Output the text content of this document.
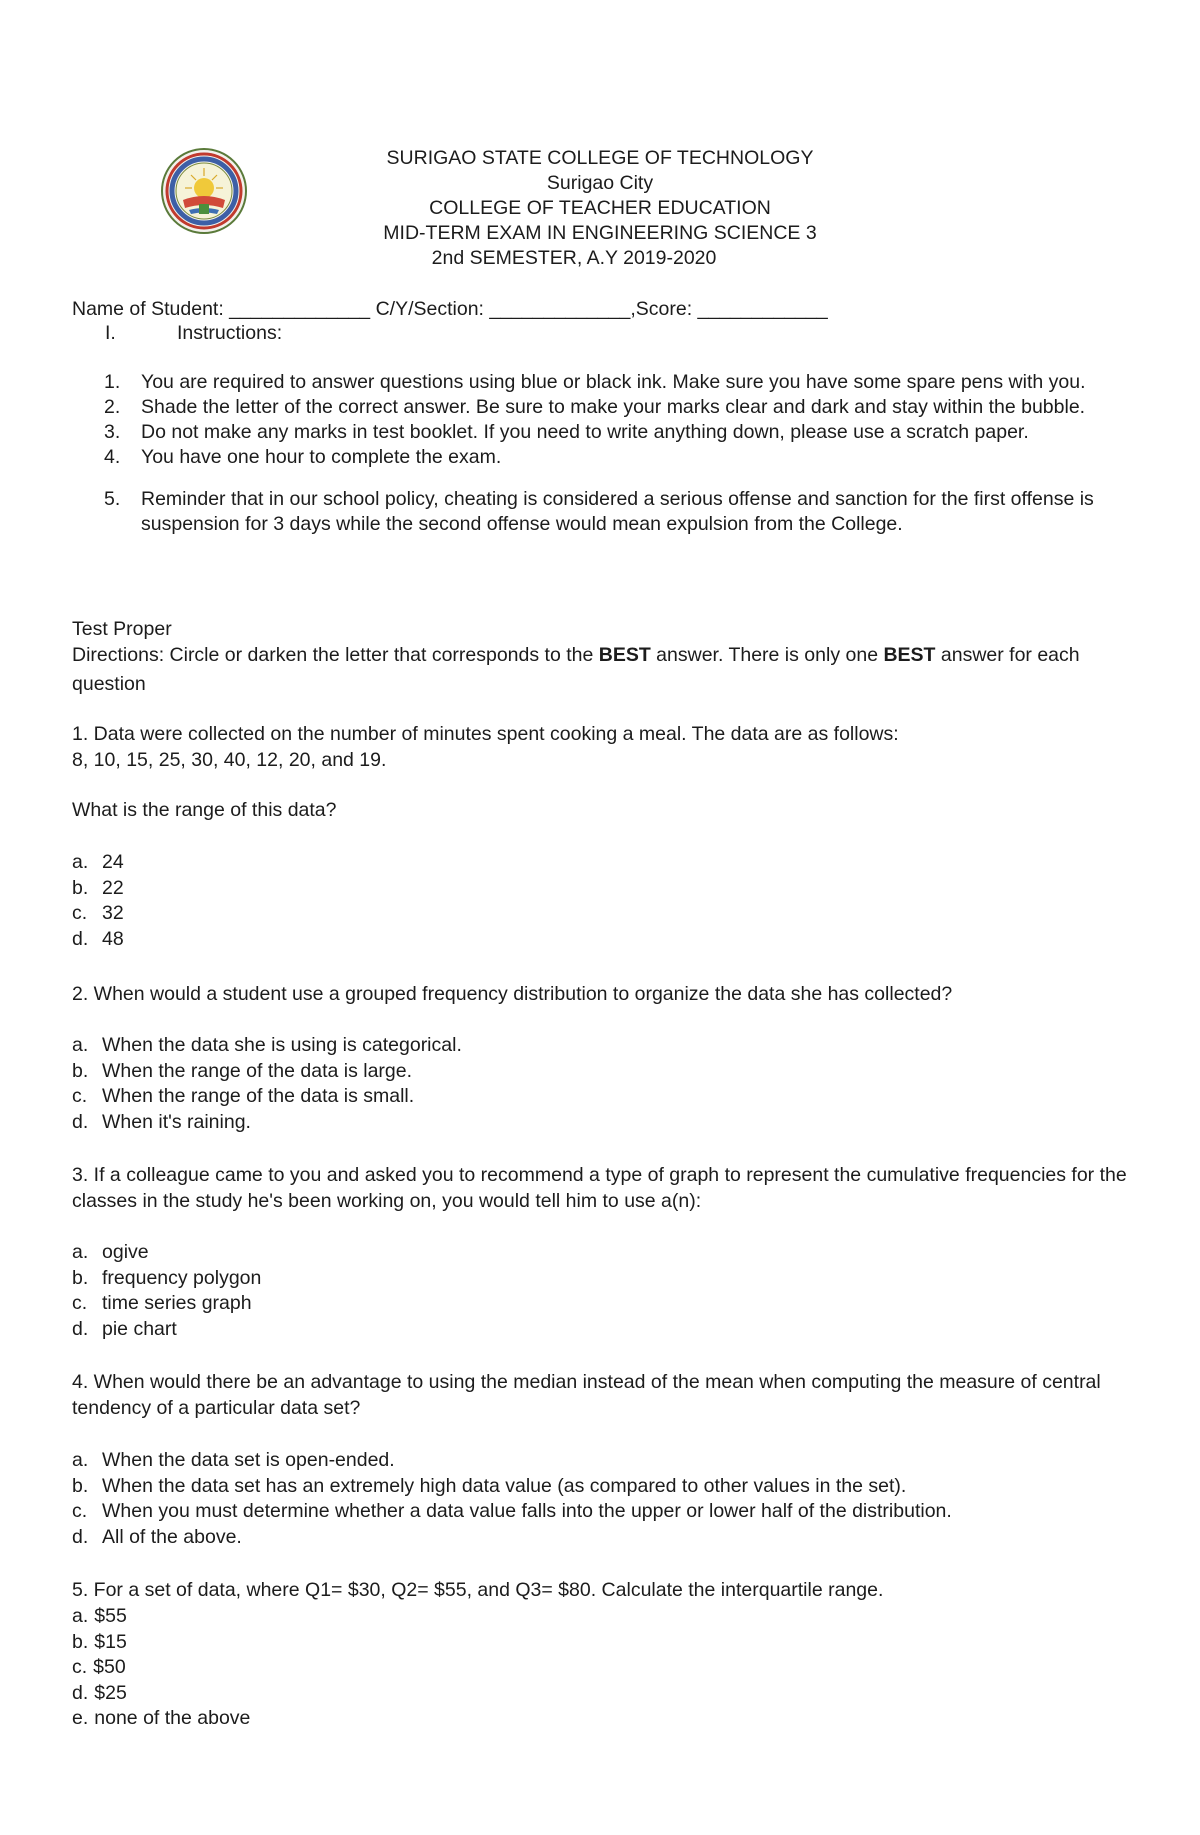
SURIGAO STATE COLLEGE OF TECHNOLOGY
Surigao City
COLLEGE OF TEACHER EDUCATION
MID-TERM EXAM IN ENGINEERING SCIENCE 3
2nd SEMESTER, A.Y 2019-2020
Name of Student: _____________ C/Y/Section: _____________,Score: ____________
I.	Instructions:
1. You are required to answer questions using blue or black ink. Make sure you have some spare pens with you.
2. Shade the letter of the correct answer. Be sure to make your marks clear and dark and stay within the bubble.
3. Do not make any marks in test booklet. If you need to write anything down, please use a scratch paper.
4. You have one hour to complete the exam.
5. Reminder that in our school policy, cheating is considered a serious offense and sanction for the first offense is suspension for 3 days while the second offense would mean expulsion from the College.
Test Proper
Directions: Circle or darken the letter that corresponds to the BEST answer. There is only one BEST answer for each question
1. Data were collected on the number of minutes spent cooking a meal. The data are as follows:
8, 10, 15, 25, 30, 40, 12, 20, and 19.
What is the range of this data?
a. 24
b. 22
c. 32
d. 48
2. When would a student use a grouped frequency distribution to organize the data she has collected?
a. When the data she is using is categorical.
b. When the range of the data is large.
c. When the range of the data is small.
d. When it's raining.
3. If a colleague came to you and asked you to recommend a type of graph to represent the cumulative frequencies for the classes in the study he's been working on, you would tell him to use a(n):
a. ogive
b. frequency polygon
c. time series graph
d. pie chart
4. When would there be an advantage to using the median instead of the mean when computing the measure of central tendency of a particular data set?
a. When the data set is open-ended.
b. When the data set has an extremely high data value (as compared to other values in the set).
c. When you must determine whether a data value falls into the upper or lower half of the distribution.
d. All of the above.
5. For a set of data, where Q1= $30, Q2= $55, and Q3= $80. Calculate the interquartile range.
a. $55
b. $15
c. $50
d. $25
e. none of the above
